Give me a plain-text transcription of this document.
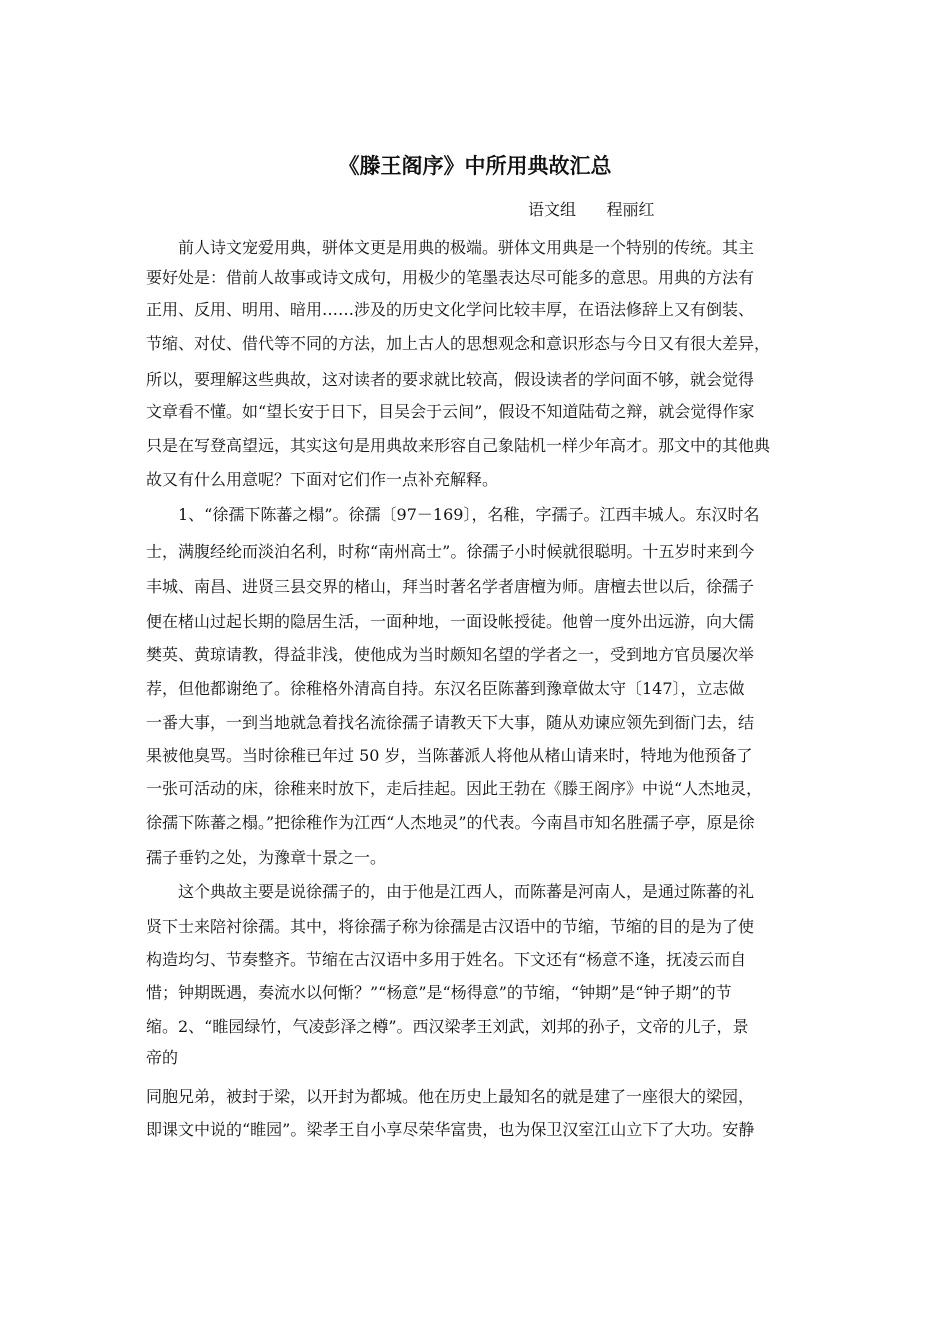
《滕王阁序》中所用典故汇总
语文组      程丽红
前人诗文宠爱用典，骈体文更是用典的极端。骈体文用典是一个特别的传统。其主
要好处是：借前人故事或诗文成句，用极少的笔墨表达尽可能多的意思。用典的方法有
正用、反用、明用、暗用……涉及的历史文化学问比较丰厚，在语法修辞上又有倒装、
节缩、对仗、借代等不同的方法，加上古人的思想观念和意识形态与今日又有很大差异，
所以，要理解这些典故，这对读者的要求就比较高，假设读者的学问面不够，就会觉得
文章看不懂。如“望长安于日下，目吴会于云间”，假设不知道陆荀之辩，就会觉得作家
只是在写登高望远，其实这句是用典故来形容自己象陆机一样少年高才。那文中的其他典
故又有什么用意呢？下面对它们作一点补充解释。
1、“徐孺下陈蕃之榻”。徐孺〔97－169〕，名稚，字孺子。江西丰城人。东汉时名
士，满腹经纶而淡泊名利，时称“南州高士”。徐孺子小时候就很聪明。十五岁时来到今
丰城、南昌、进贤三县交界的楮山，拜当时著名学者唐檀为师。唐檀去世以后，徐孺子
便在楮山过起长期的隐居生活，一面种地，一面设帐授徒。他曾一度外出远游，向大儒
樊英、黄琼请教，得益非浅，使他成为当时颇知名望的学者之一，受到地方官员屡次举
荐，但他都谢绝了。徐稚格外清高自持。东汉名臣陈蕃到豫章做太守〔147〕，立志做
一番大事，一到当地就急着找名流徐孺子请教天下大事，随从劝谏应领先到衙门去，结
果被他臭骂。当时徐稚已年过 50 岁，当陈蕃派人将他从楮山请来时，特地为他预备了
一张可活动的床，徐稚来时放下，走后挂起。因此王勃在《滕王阁序》中说“人杰地灵，
徐孺下陈蕃之榻。”把徐稚作为江西“人杰地灵”的代表。今南昌市知名胜孺子亭，原是徐
孺子垂钓之处，为豫章十景之一。
这个典故主要是说徐孺子的，由于他是江西人，而陈蕃是河南人，是通过陈蕃的礼
贤下士来陪衬徐孺。其中，将徐孺子称为徐孺是古汉语中的节缩，节缩的目的是为了使
构造均匀、节奏整齐。节缩在古汉语中多用于姓名。下文还有“杨意不逢，抚凌云而自
惜；钟期既遇，奏流水以何惭？”“杨意”是“杨得意”的节缩，“钟期”是“钟子期”的节
缩。2、“睢园绿竹，气凌彭泽之樽”。西汉梁孝王刘武，刘邦的孙子，文帝的儿子，景
帝的
同胞兄弟，被封于梁，以开封为都城。他在历史上最知名的就是建了一座很大的梁园，
即课文中说的“睢园”。梁孝王自小享尽荣华富贵，也为保卫汉室江山立下了大功。安静
